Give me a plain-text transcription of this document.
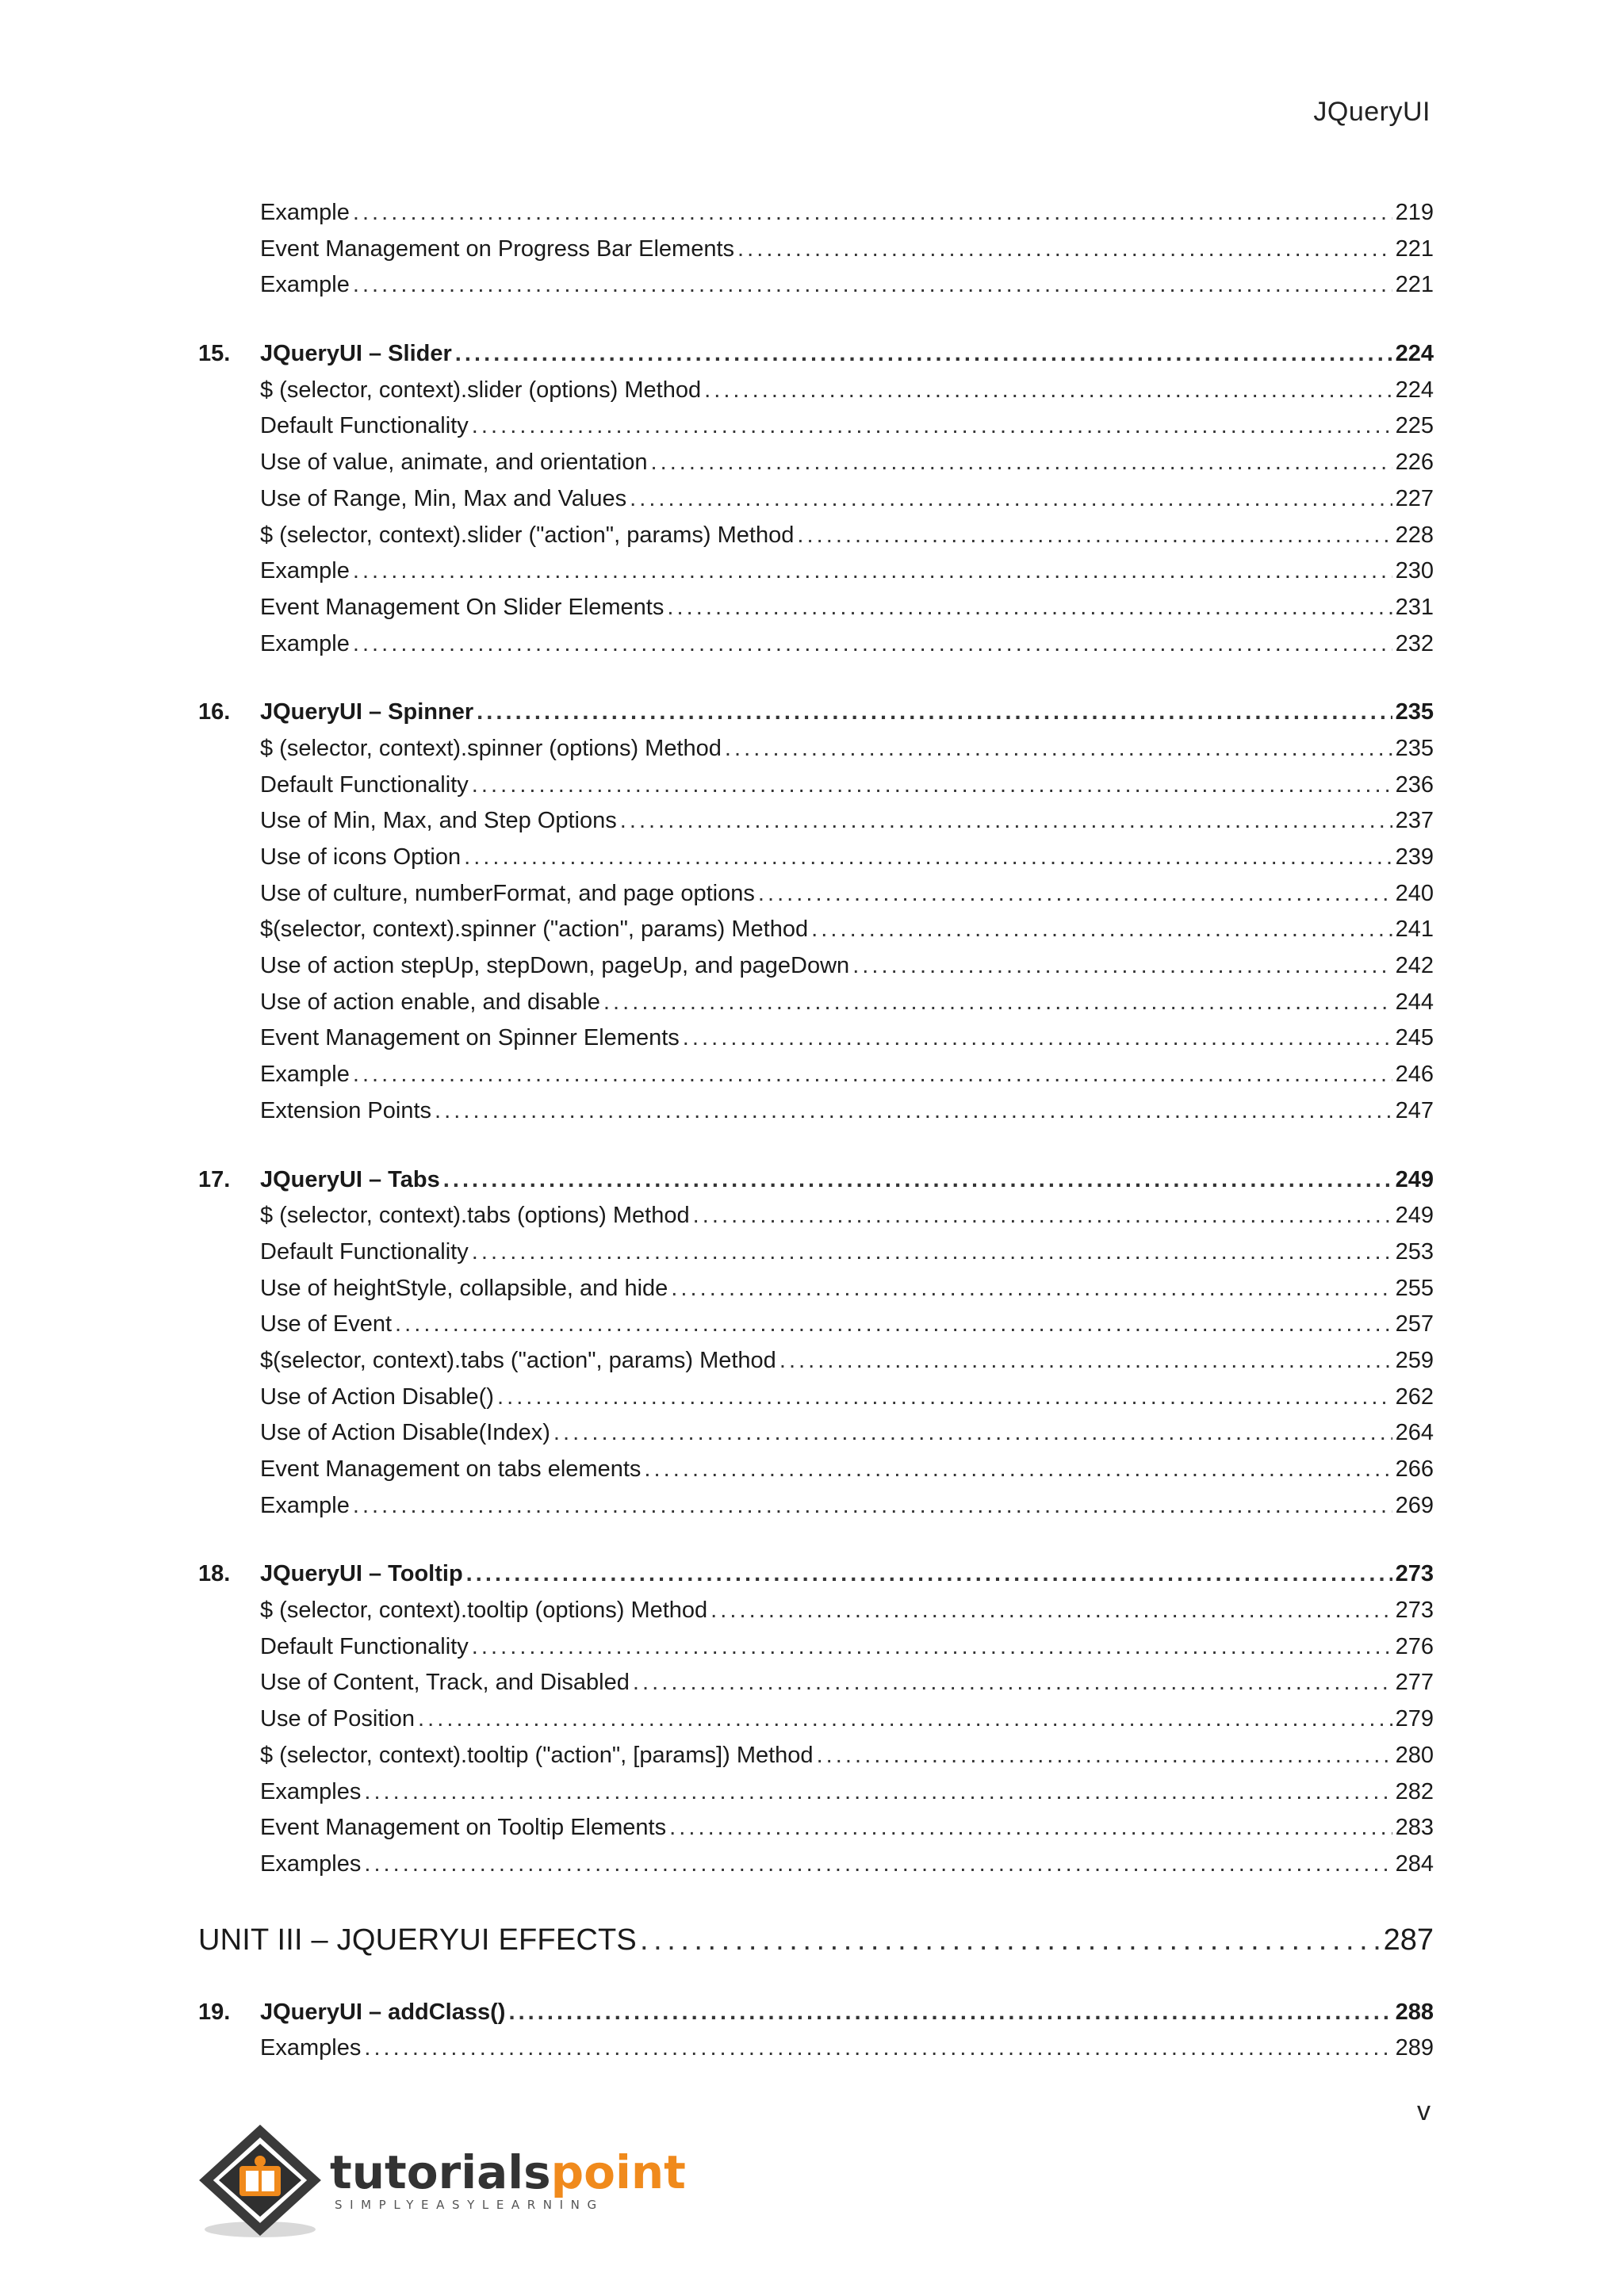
JQueryUI
Example . . .	219
Event Management on Progress Bar Elements . . .	221
Example . . .	221
15.	JQueryUI – Slider . . .	224
$ (selector, context).slider (options) Method . . .	224
Default Functionality . . .	225
Use of value, animate, and orientation . . .	226
Use of Range, Min, Max and Values . . .	227
$ (selector, context).slider ("action", params) Method . . .	228
Example . . .	230
Event Management On Slider Elements . . .	231
Example . . .	232
16.	JQueryUI – Spinner . . .	235
$ (selector, context).spinner (options) Method . . .	235
Default Functionality . . .	236
Use of Min, Max, and Step Options . . .	237
Use of icons Option . . .	239
Use of culture, numberFormat, and page options . . .	240
$(selector, context).spinner ("action", params) Method . . .	241
Use of action stepUp, stepDown, pageUp, and pageDown . . .	242
Use of action enable, and disable . . .	244
Event Management on Spinner Elements . . .	245
Example . . .	246
Extension Points . . .	247
17.	JQueryUI – Tabs . . .	249
$ (selector, context).tabs (options) Method . . .	249
Default Functionality . . .	253
Use of heightStyle, collapsible, and hide . . .	255
Use of Event . . .	257
$(selector, context).tabs ("action", params) Method . . .	259
Use of Action Disable() . . .	262
Use of Action Disable(Index) . . .	264
Event Management on tabs elements . . .	266
Example . . .	269
18.	JQueryUI – Tooltip . . .	273
$ (selector, context).tooltip (options) Method . . .	273
Default Functionality . . .	276
Use of Content, Track, and Disabled . . .	277
Use of Position . . .	279
$ (selector, context).tooltip ("action", [params]) Method . . .	280
Examples . . .	282
Event Management on Tooltip Elements . . .	283
Examples . . .	284
UNIT III – JQUERYUI EFFECTS . . .	287
19.	JQueryUI – addClass() . . .	288
Examples . . .	289
v
tutorialspoint
SIMPLYEASYLEARNING
